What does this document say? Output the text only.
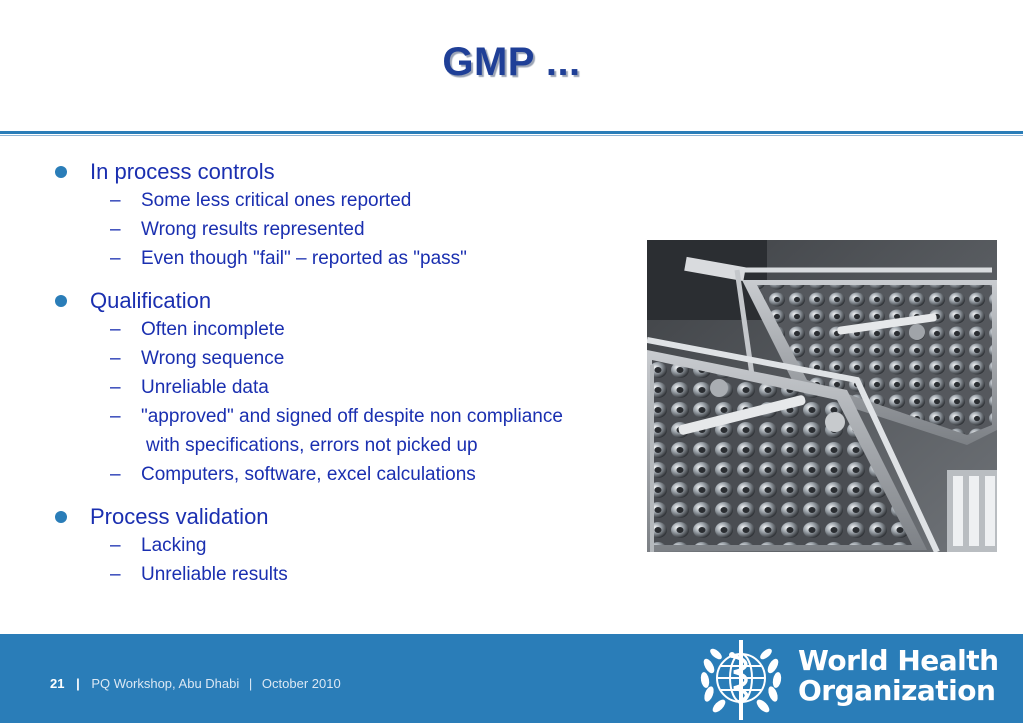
GMP ...
In process controls
– Some less critical ones reported
– Wrong results represented
– Even though "fail" – reported as "pass"
Qualification
– Often incomplete
– Wrong sequence
– Unreliable data
– "approved" and signed off despite non compliance
with specifications, errors not picked up
– Computers, software, excel calculations
Process validation
– Lacking
– Unreliable results
21 | PQ Workshop, Abu Dhabi | October 2010
World Health
Organization
